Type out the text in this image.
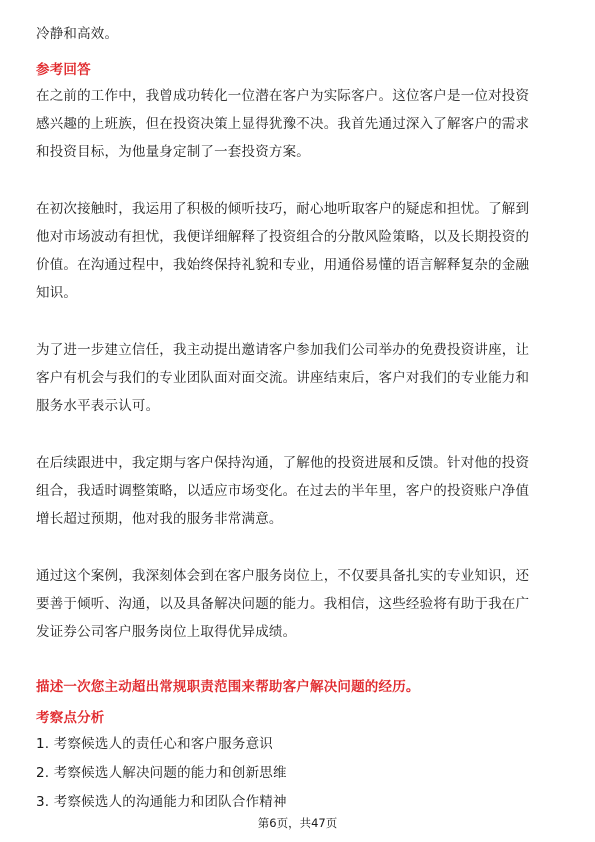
冷静和高效。
参考回答
在之前的工作中，我曾成功转化一位潜在客户为实际客户。这位客户是一位对投资
感兴趣的上班族，但在投资决策上显得犹豫不决。我首先通过深入了解客户的需求
和投资目标，为他量身定制了一套投资方案。
在初次接触时，我运用了积极的倾听技巧，耐心地听取客户的疑虑和担忧。了解到
他对市场波动有担忧，我便详细解释了投资组合的分散风险策略，以及长期投资的
价值。在沟通过程中，我始终保持礼貌和专业，用通俗易懂的语言解释复杂的金融
知识。
为了进一步建立信任，我主动提出邀请客户参加我们公司举办的免费投资讲座，让
客户有机会与我们的专业团队面对面交流。讲座结束后，客户对我们的专业能力和
服务水平表示认可。
在后续跟进中，我定期与客户保持沟通，了解他的投资进展和反馈。针对他的投资
组合，我适时调整策略，以适应市场变化。在过去的半年里，客户的投资账户净值
增长超过预期，他对我的服务非常满意。
通过这个案例，我深刻体会到在客户服务岗位上，不仅要具备扎实的专业知识，还
要善于倾听、沟通，以及具备解决问题的能力。我相信，这些经验将有助于我在广
发证券公司客户服务岗位上取得优异成绩。
描述一次您主动超出常规职责范围来帮助客户解决问题的经历。
考察点分析
1. 考察候选人的责任心和客户服务意识
2. 考察候选人解决问题的能力和创新思维
3. 考察候选人的沟通能力和团队合作精神
第6页，共47页
